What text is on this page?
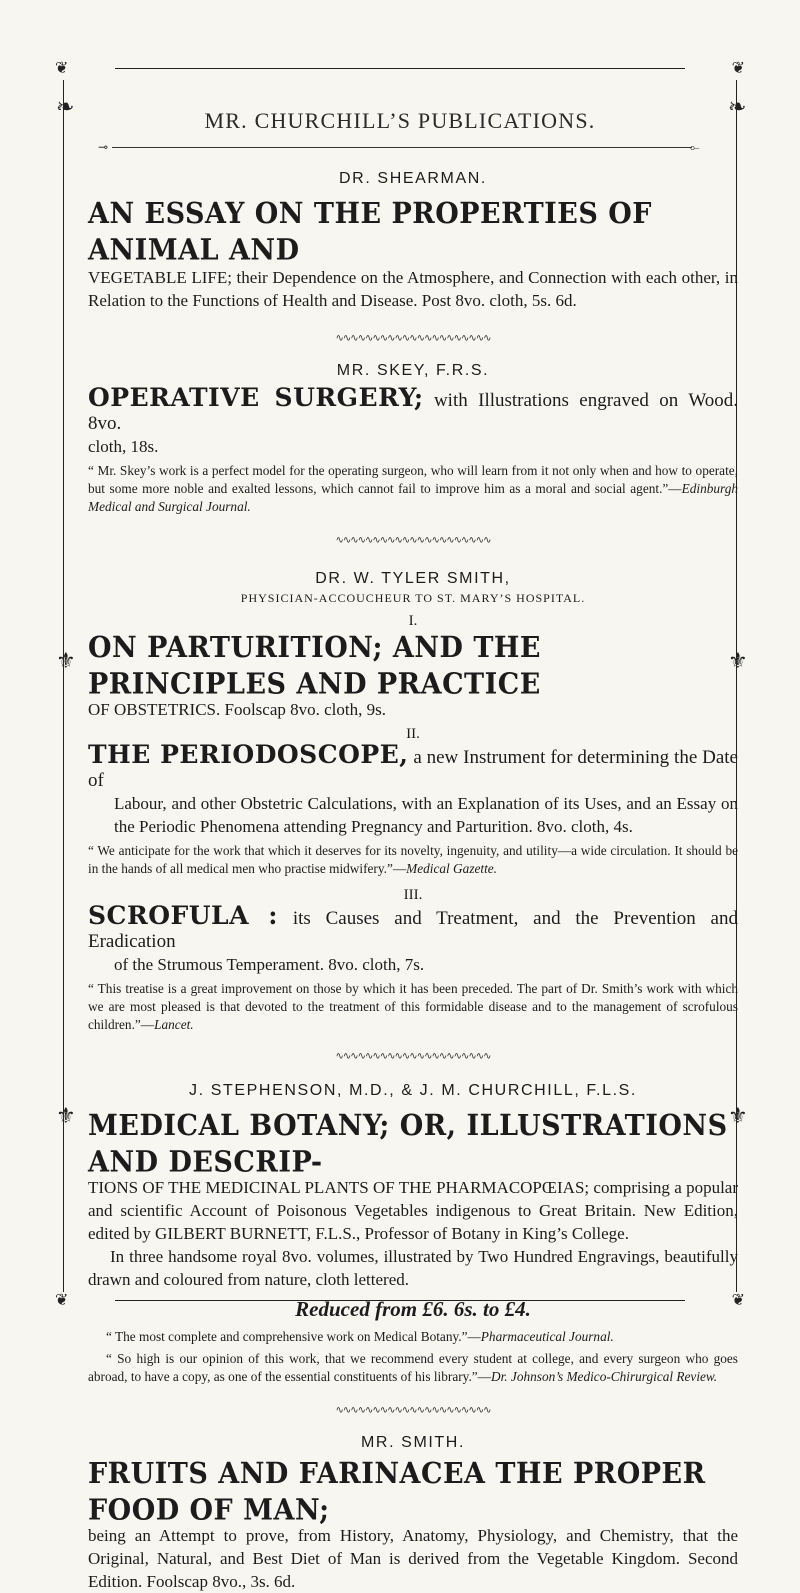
❦	❦
❧	❧
⚜	⚜
⚜	⚜
❦	❦
MR. CHURCHILL’S PUBLICATIONS.
⊸	⟜

DR. SHEARMAN.

AN ESSAY ON THE PROPERTIES OF ANIMAL AND

VEGETABLE LIFE; their Dependence on the Atmosphere, and Connection with each other, in Relation to the Functions of Health and Disease. Post 8vo. cloth, 5s. 6d.

∿∿∿∿∿∿∿∿∿∿∿∿∿∿∿∿∿∿∿∿∿

MR. SKEY, F.R.S.

OPERATIVE SURGERY; with Illustrations engraved on Wood. 8vo.

cloth, 18s.

“ Mr. Skey’s work is a perfect model for the operating surgeon, who will learn from it not only when and how to operate, but some more noble and exalted lessons, which cannot fail to improve him as a moral and social agent.”—Edinburgh Medical and Surgical Journal.

∿∿∿∿∿∿∿∿∿∿∿∿∿∿∿∿∿∿∿∿∿

DR. W. TYLER SMITH,

PHYSICIAN-ACCOUCHEUR TO ST. MARY’S HOSPITAL.

I.

ON PARTURITION; AND THE PRINCIPLES AND PRACTICE

OF OBSTETRICS. Foolscap 8vo. cloth, 9s.

II.

THE PERIODOSCOPE, a new Instrument for determining the Date of

Labour, and other Obstetric Calculations, with an Explanation of its Uses, and an Essay on the Periodic Phenomena attending Pregnancy and Parturition. 8vo. cloth, 4s.

“ We anticipate for the work that which it deserves for its novelty, ingenuity, and utility—a wide circulation. It should be in the hands of all medical men who practise midwifery.”—Medical Gazette.

III.

SCROFULA : its Causes and Treatment, and the Prevention and Eradication

of the Strumous Temperament. 8vo. cloth, 7s.

“ This treatise is a great improvement on those by which it has been preceded. The part of Dr. Smith’s work with which we are most pleased is that devoted to the treatment of this formidable disease and to the management of scrofulous children.”—Lancet.

∿∿∿∿∿∿∿∿∿∿∿∿∿∿∿∿∿∿∿∿∿

J. STEPHENSON, M.D., & J. M. CHURCHILL, F.L.S.

MEDICAL BOTANY; OR, ILLUSTRATIONS AND DESCRIP-

TIONS OF THE MEDICINAL PLANTS OF THE PHARMACOPŒIAS; comprising a popular and scientific Account of Poisonous Vegetables indigenous to Great Britain. New Edition, edited by GILBERT BURNETT, F.L.S., Professor of Botany in King’s College.

In three handsome royal 8vo. volumes, illustrated by Two Hundred Engravings, beautifully drawn and coloured from nature, cloth lettered.

Reduced from £6. 6s. to £4.

“ The most complete and comprehensive work on Medical Botany.”—Pharmaceutical Journal.

“ So high is our opinion of this work, that we recommend every student at college, and every surgeon who goes abroad, to have a copy, as one of the essential constituents of his library.”—Dr. Johnson’s Medico-Chirurgical Review.

∿∿∿∿∿∿∿∿∿∿∿∿∿∿∿∿∿∿∿∿∿

MR. SMITH.

FRUITS AND FARINACEA THE PROPER FOOD OF MAN;

being an Attempt to prove, from History, Anatomy, Physiology, and Chemistry, that the Original, Natural, and Best Diet of Man is derived from the Vegetable Kingdom. Second Edition. Foolscap 8vo., 3s. 6d.
